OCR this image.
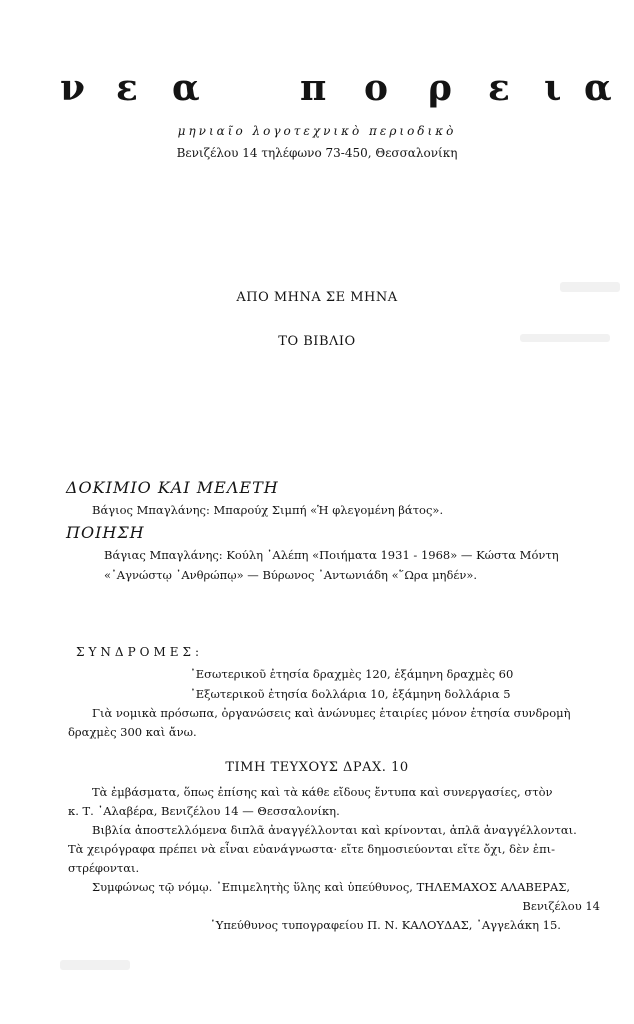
ν ε α	π ο ρ ε ι α
μηνιαῖο λογοτεχνικὸ περιοδικὸ
Βενιζέλου 14 τηλέφωνο 73-450, Θεσσαλονίκη
ΑΠΟ ΜΗΝΑ ΣΕ ΜΗΝΑ
ΤΟ ΒΙΒΛΙΟ
ΔΟΚΙΜΙΟ ΚΑΙ ΜΕΛΕΤΗ
Βάγιος Μπαγλάνης: Μπαρούχ Σιμπή «Ἡ φλεγομένη βάτος».
ΠΟΙΗΣΗ
Βάγιας Μπαγλάνης: Κούλη ᾿Αλέπη «Ποιήματα 1931 - 1968» — Κώστα Μόντη
«᾿Αγνώστῳ ᾿Ανθρώπῳ» — Βύρωνος ᾿Αντωνιάδη «῞Ωρα μηδέν».
ΣΥΝΔΡΟΜΕΣ:
᾿Εσωτερικοῦ ἐτησία δραχμὲς 120, ἑξάμηνη δραχμὲς 60
᾿Εξωτερικοῦ ἐτησία δολλάρια 10, ἑξάμηνη δολλάρια 5
Γιὰ νομικὰ πρόσωπα, ὀργανώσεις καὶ ἀνώνυμες ἑταιρίες μόνον ἐτησία συνδρομὴ
δραχμὲς 300 καὶ ἄνω.
ΤΙΜΗ ΤΕΥΧΟΥΣ ΔΡΑΧ. 10
Τὰ ἐμβάσματα, ὅπως ἐπίσης καὶ τὰ κάθε εἴδους ἔντυπα καὶ συνεργασίες, στὸν
κ. Τ. ᾿Αλαβέρα, Βενιζέλου 14 — Θεσσαλονίκη.
Βιβλία ἀποστελλόμενα διπλᾶ ἀναγγέλλονται καὶ κρίνονται, ἁπλᾶ ἀναγγέλλονται.
Τὰ χειρόγραφα πρέπει νὰ εἶναι εὐανάγνωστα· εἴτε δημοσιεύονται εἴτε ὄχι, δὲν ἐπι-
στρέφονται.
Συμφώνως τῷ νόμῳ. ᾿Επιμελητὴς ὕλης καὶ ὑπεύθυνος, ΤΗΛΕΜΑΧΟΣ ΑΛΑΒΕΡΑΣ,
Βενιζέλου 14
῾Υπεύθυνος τυπογραφείου Π. Ν. ΚΑΛΟΥΔΑΣ, ᾿Αγγελάκη 15.
